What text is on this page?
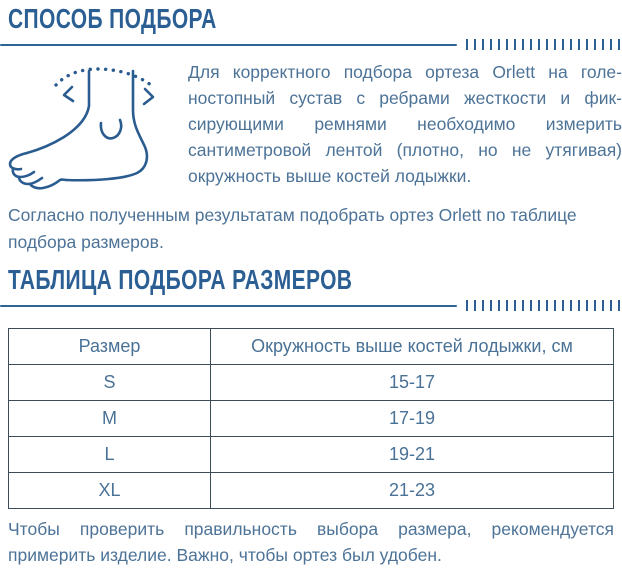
СПОСОБ ПОДБОРА
Для корректного подбора ортеза Orlett на голе-
ностопный сустав с ребрами жесткости и фик-
сирующими ремнями необходимо измерить
сантиметровой лентой (плотно, но не утягивая)
окружность выше костей лодыжки.
Согласно полученным результатам подобрать ортез Orlett по таблице
подбора размеров.
ТАБЛИЦА ПОДБОРА РАЗМЕРОВ
Размер	Окружность выше костей лодыжки, см
S	15-17
M	17-19
L	19-21
XL	21-23
Чтобы проверить правильность выбора размера, рекомендуется
примерить изделие. Важно, чтобы ортез был удобен.
